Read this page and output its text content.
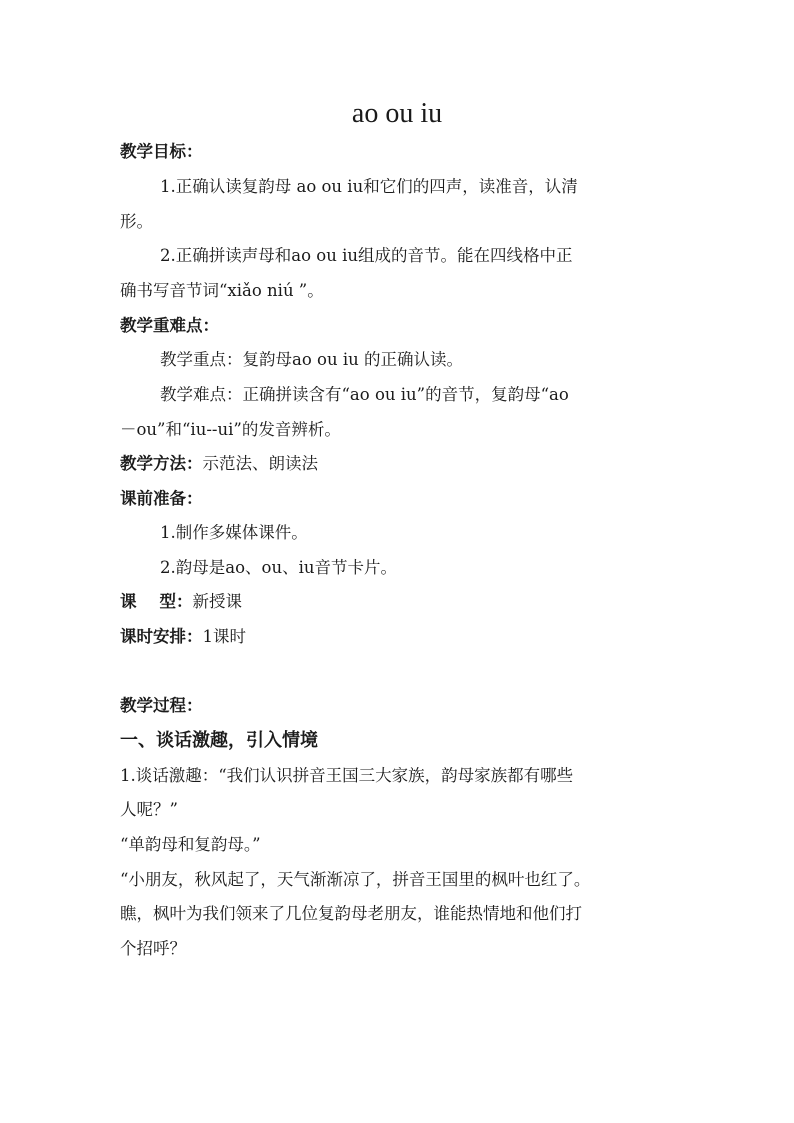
ao ou iu
教学目标：
1.正确认读复韵母 ao ou iu和它们的四声，读准音，认清
形。
2.正确拼读声母和ao ou iu组成的音节。能在四线格中正
确书写音节词“xiǎo niú ”。
教学重难点：
教学重点：复韵母ao ou iu 的正确认读。
教学难点：正确拼读含有“ao ou iu”的音节，复韵母“ao
－ou”和“iu--ui”的发音辨析。
教学方法：示范法、朗读法
课前准备：
1.制作多媒体课件。
2.韵母是ao、ou、iu音节卡片。
课    型：新授课
课时安排：1课时
教学过程：
一、谈话激趣，引入情境
1.谈话激趣：“我们认识拼音王国三大家族，韵母家族都有哪些
人呢？”
“单韵母和复韵母。”
“小朋友，秋风起了，天气渐渐凉了，拼音王国里的枫叶也红了。
瞧，枫叶为我们领来了几位复韵母老朋友，谁能热情地和他们打
个招呼？
